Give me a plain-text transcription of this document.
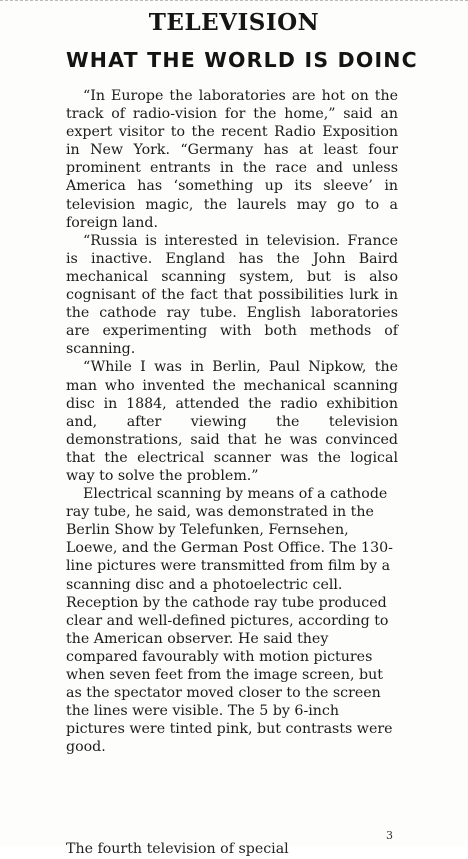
TELEVISION
WHAT THE WORLD IS DOINC

“In Europe the laboratories are hot on the track of radio-vision for the home,” said an expert visitor to the recent Radio Exposition in New York. “Germany has at least four prominent entrants in the race and unless America has ‘something up its sleeve’ in television magic, the laurels may go to a foreign land.

“Russia is interested in television. France is inactive. England has the John Baird mechanical scanning system, but is also cognisant of the fact that possibilities lurk in the cathode ray tube. English laboratories are experimenting with both methods of scanning.

“While I was in Berlin, Paul Nipkow, the man who invented the mechanical scanning disc in 1884, attended the radio exhibition and, after viewing the television demonstrations, said that he was convinced that the electrical scanner was the logical way to solve the problem.”

Electrical scanning by means of a cathode ray tube, he said, was demonstrated in the Berlin Show by Telefunken, Fernsehen, Loewe, and the German Post Office. The 130-line pictures were transmitted from film by a scanning disc and a photoelectric cell. Reception by the cathode ray tube produced clear and well-defined pictures, according to the American observer. He said they compared favourably with motion pictures when seven feet from the image screen, but as the spectator moved closer to the screen the lines were visible. The 5 by 6-inch pictures were tinted pink, but contrasts were good.

The fourth television of special
3
